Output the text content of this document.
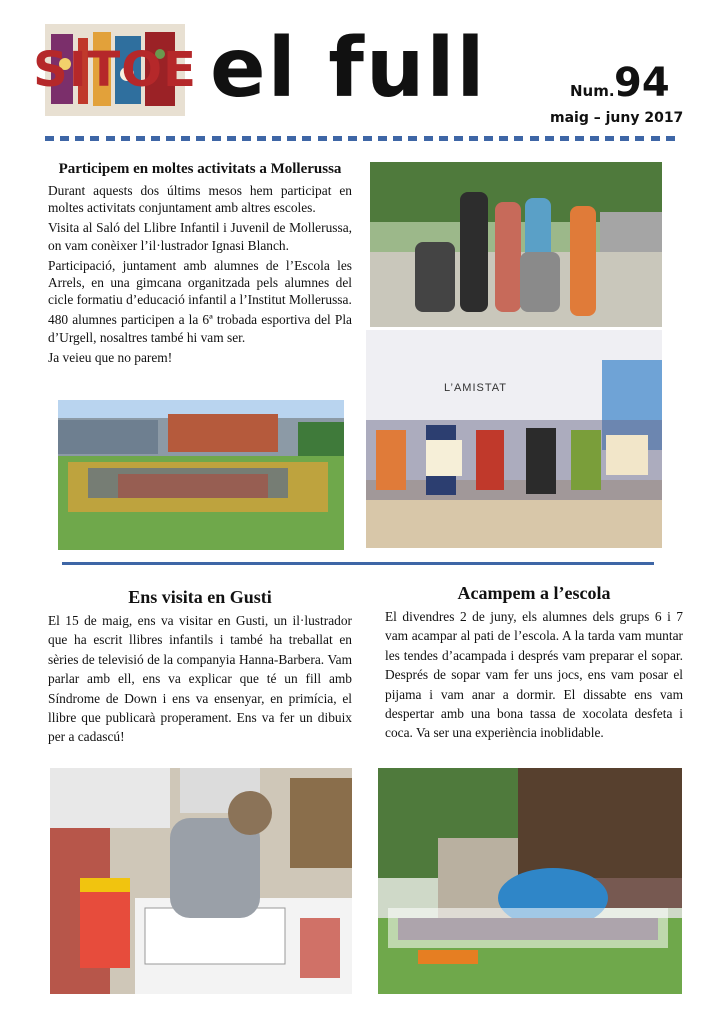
SITOE el full	Num. 94
maig – juny 2017
Participem en moltes activitats a Mollerussa

Durant aquests dos últims mesos hem participat en moltes activitats conjuntament amb altres escoles.

Visita al Saló del Llibre Infantil i Juvenil de Mollerussa, on vam conèixer l’il·lustrador Ignasi Blanch.

Participació, juntament amb alumnes de l’Escola les Arrels, en una gimcana organitzada pels alumnes del cicle formatiu d’educació infantil a l’Institut Mollerussa.

480 alumnes participen a la 6ª trobada esportiva del Pla d’Urgell, nosaltres també hi vam ser.

Ja veieu que no parem!

L’AMISTAT
Ens visita en Gusti

El 15 de maig, ens va visitar en Gusti, un il·lustrador que ha escrit llibres infantils i també ha treballat en sèries de televisió de la companyia Hanna-Barbera. Vam parlar amb ell, ens va explicar que té un fill amb Síndrome de Down i ens va ensenyar, en primícia, el llibre que publicarà properament. Ens va fer un dibuix per a cadascú!

Acampem a l’escola

El divendres 2 de juny, els alumnes dels grups 6 i 7 vam acampar al pati de l’escola. A la tarda vam muntar les tendes d’acampada i després vam preparar el sopar. Després de sopar vam fer uns jocs, ens vam posar el pijama i vam anar a dormir. El dissabte ens vam despertar amb una bona tassa de xocolata desfeta i coca. Va ser una experiència inoblidable.
